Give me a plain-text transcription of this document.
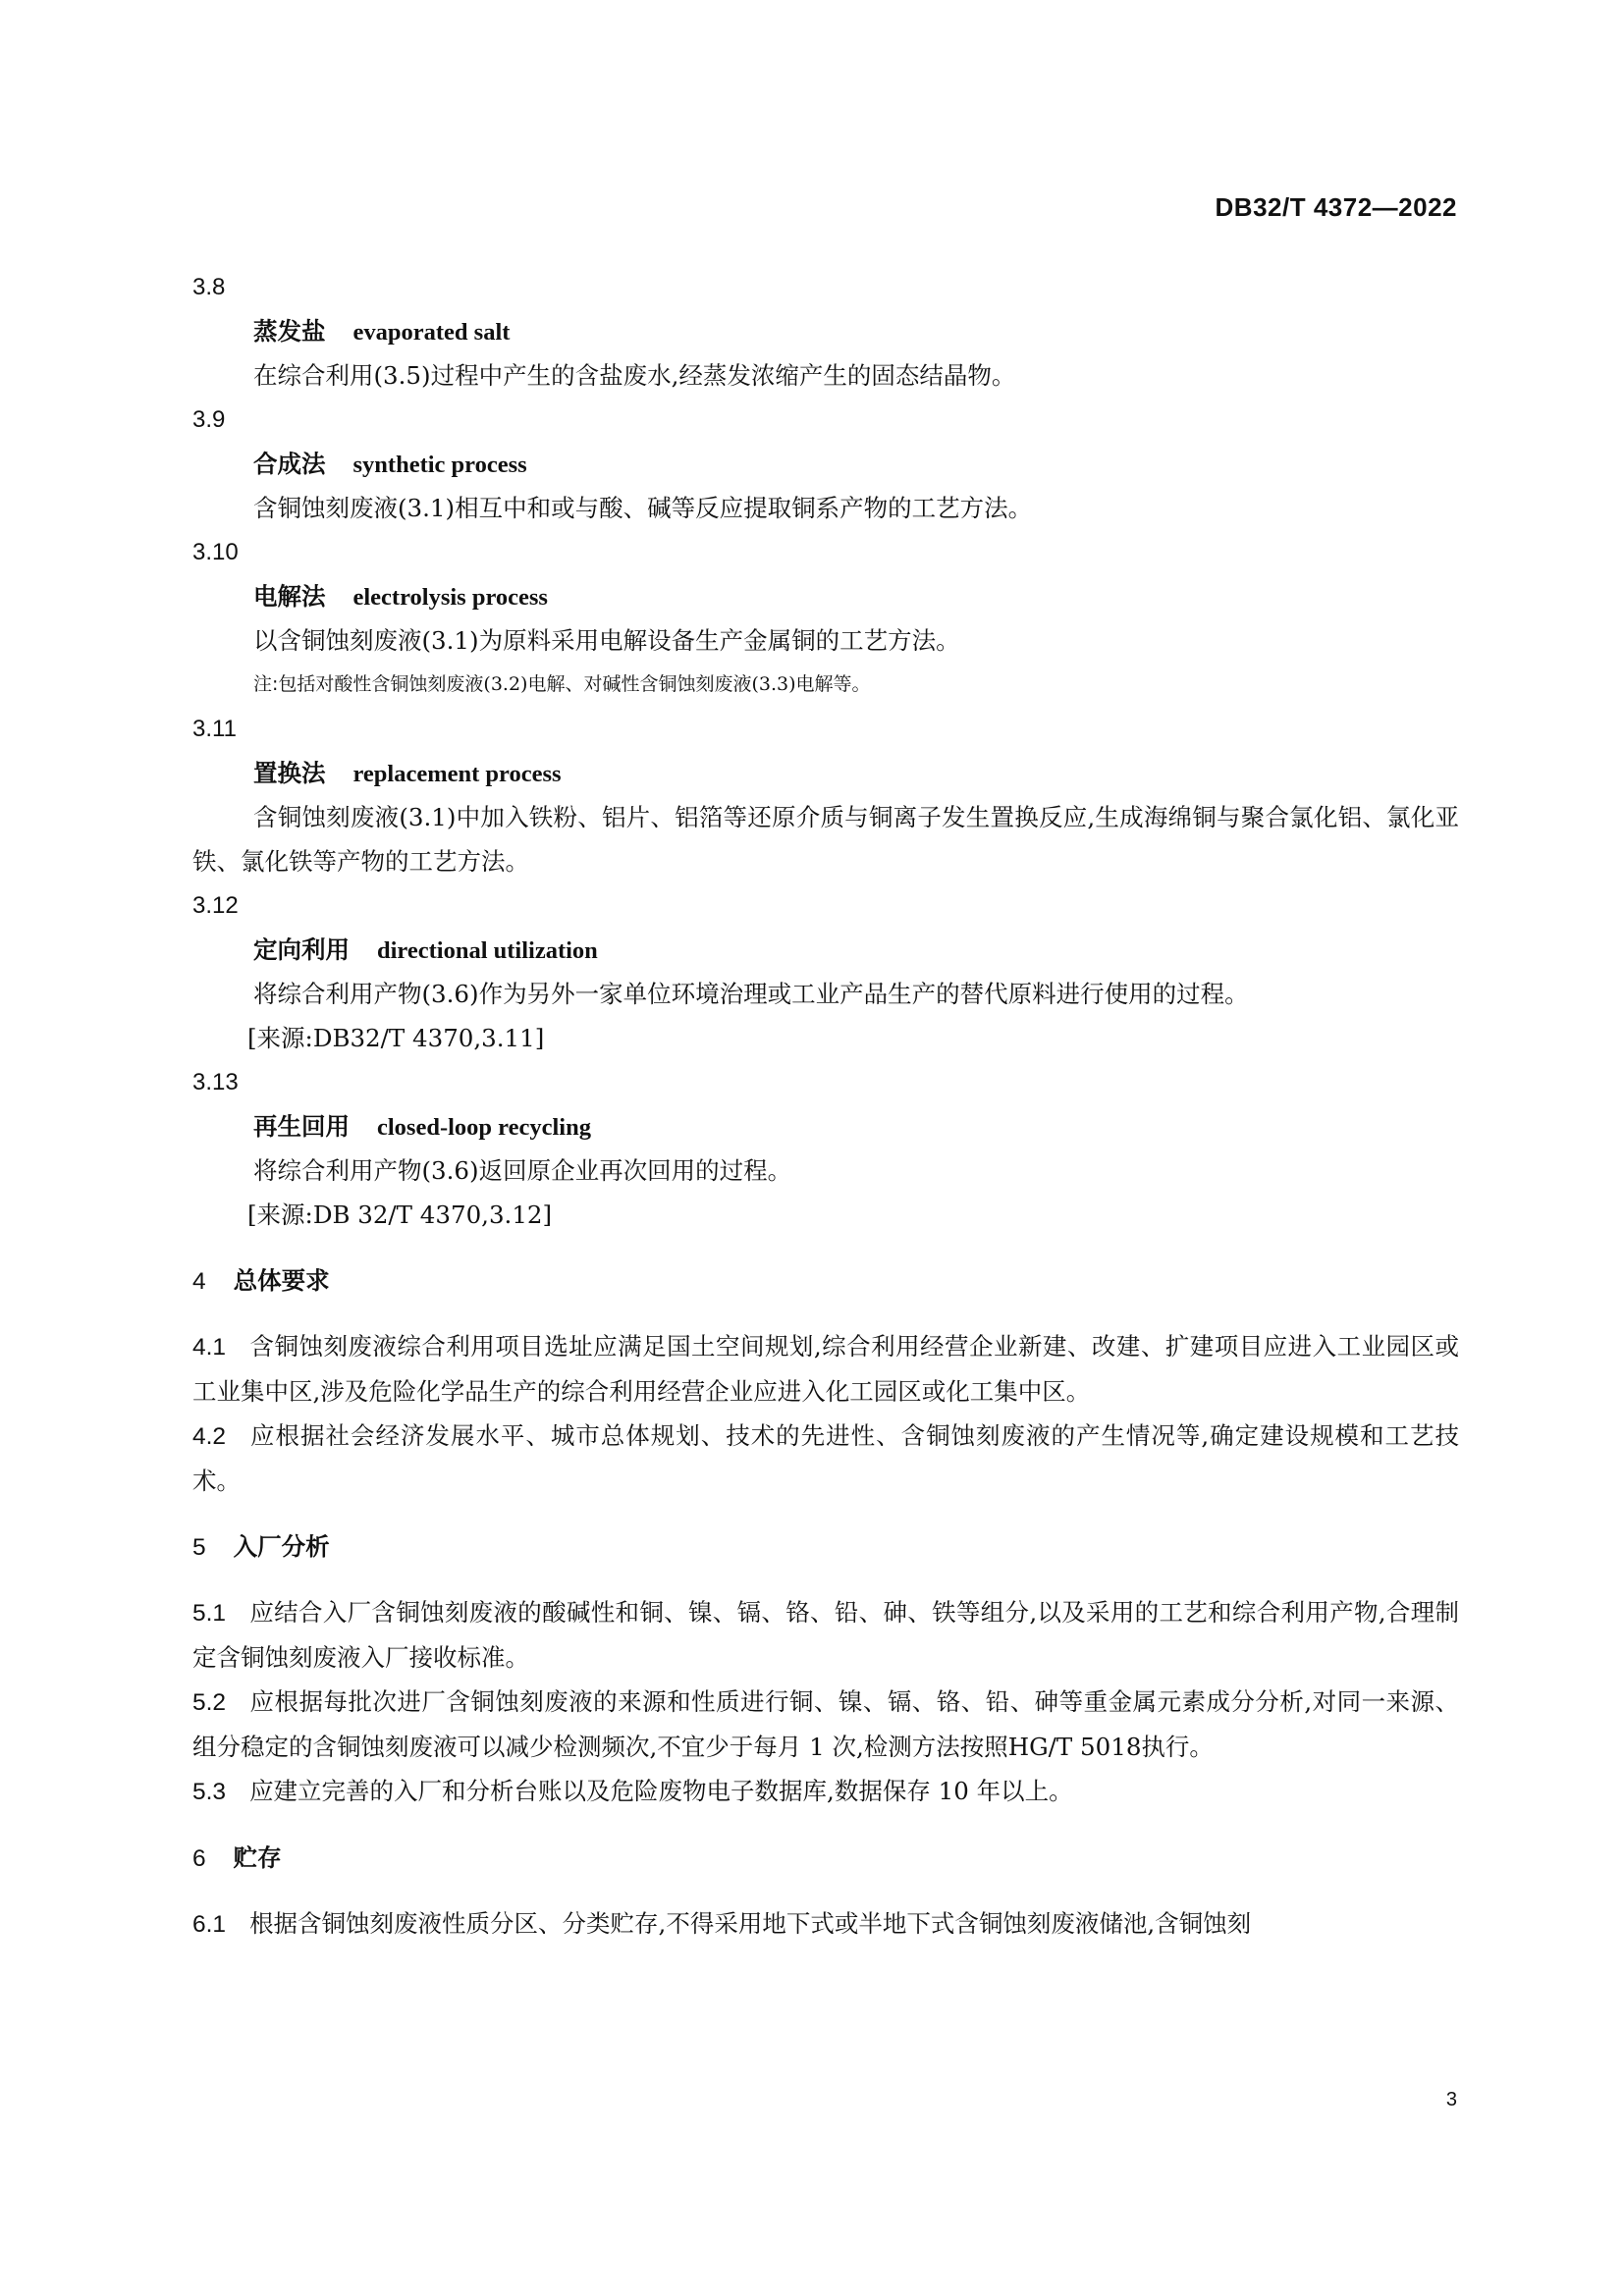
DB32/T 4372—2022
3.8
蒸发盐 evaporated salt
在综合利用(3.5)过程中产生的含盐废水,经蒸发浓缩产生的固态结晶物。
3.9
合成法 synthetic process
含铜蚀刻废液(3.1)相互中和或与酸、碱等反应提取铜系产物的工艺方法。
3.10
电解法 electrolysis process
以含铜蚀刻废液(3.1)为原料采用电解设备生产金属铜的工艺方法。
注:包括对酸性含铜蚀刻废液(3.2)电解、对碱性含铜蚀刻废液(3.3)电解等。
3.11
置换法 replacement process
含铜蚀刻废液(3.1)中加入铁粉、铝片、铝箔等还原介质与铜离子发生置换反应,生成海绵铜与聚合氯化铝、氯化亚铁、氯化铁等产物的工艺方法。
3.12
定向利用 directional utilization
将综合利用产物(3.6)作为另外一家单位环境治理或工业产品生产的替代原料进行使用的过程。
[来源:DB32/T 4370,3.11]
3.13
再生回用 closed-loop recycling
将综合利用产物(3.6)返回原企业再次回用的过程。
[来源:DB 32/T 4370,3.12]
4 总体要求
4.1 含铜蚀刻废液综合利用项目选址应满足国土空间规划,综合利用经营企业新建、改建、扩建项目应进入工业园区或工业集中区,涉及危险化学品生产的综合利用经营企业应进入化工园区或化工集中区。
4.2 应根据社会经济发展水平、城市总体规划、技术的先进性、含铜蚀刻废液的产生情况等,确定建设规模和工艺技术。
5 入厂分析
5.1 应结合入厂含铜蚀刻废液的酸碱性和铜、镍、镉、铬、铅、砷、铁等组分,以及采用的工艺和综合利用产物,合理制定含铜蚀刻废液入厂接收标准。
5.2 应根据每批次进厂含铜蚀刻废液的来源和性质进行铜、镍、镉、铬、铅、砷等重金属元素成分分析,对同一来源、组分稳定的含铜蚀刻废液可以减少检测频次,不宜少于每月 1 次,检测方法按照HG/T 5018执行。
5.3 应建立完善的入厂和分析台账以及危险废物电子数据库,数据保存 10 年以上。
6 贮存
6.1 根据含铜蚀刻废液性质分区、分类贮存,不得采用地下式或半地下式含铜蚀刻废液储池,含铜蚀刻
3
